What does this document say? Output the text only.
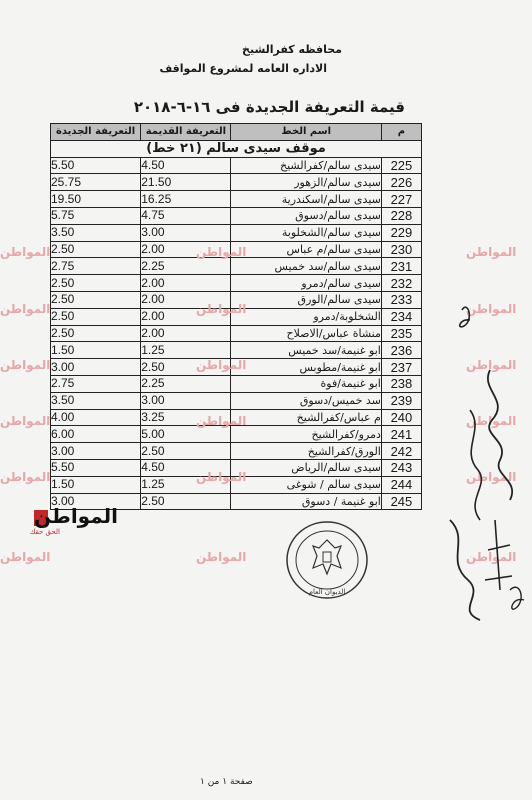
محافظه كفرالشيخ
الاداره العامه لمشروع المواقف
قيمة التعريفة الجديدة فى ١٦-٦-٢٠١٨
التعريفة الجديدة	التعريفة القديمة	اسم الخط	م
موقف سيدى سالم (٢١ خط)			
5.50	4.50	سيدى سالم/كفرالشيخ	225
25.75	21.50	سيدى سالم/الزهور	226
19.50	16.25	سيدى سالم/اسكندرية	227
5.75	4.75	سيدى سالم/دسوق	228
3.50	3.00	سيدى سالم/الشخلوبة	229
2.50	2.00	سيدى سالم/م عباس	230
2.75	2.25	سيدى سالم/سد خميس	231
2.50	2.00	سيدى سالم/دمرو	232
2.50	2.00	سيدى سالم/الورق	233
2.50	2.00	الشخلوبة/دمرو	234
2.50	2.00	منشاة عباس/الاصلاح	235
1.50	1.25	ابو غنيمة/سد خميس	236
3.00	2.50	ابو غنيمة/مطوبس	237
2.75	2.25	ابو غنيمة/فوة	238
3.50	3.00	سد خميس/دسوق	239
4.00	3.25	م عباس/كفرالشيخ	240
6.00	5.00	دمرو/كفرالشيخ	241
3.00	2.50	الورق/كفرالشيخ	242
5.50	4.50	سيدى سالم/الرياض	243
1.50	1.25	سيدى سالم / شوغى	244
3.00	2.50	ابو غنيمة / دسوق	245
المواطن	المواطن	المواطن
المواطن	المواطن	المواطن
المواطن	المواطن	المواطن
المواطن	المواطن	المواطن
المواطن	المواطن	المواطن
المواطن	المواطن	المواطن
المواطن
الحق حقك
الديوان العام
صفحة ١ من ١
